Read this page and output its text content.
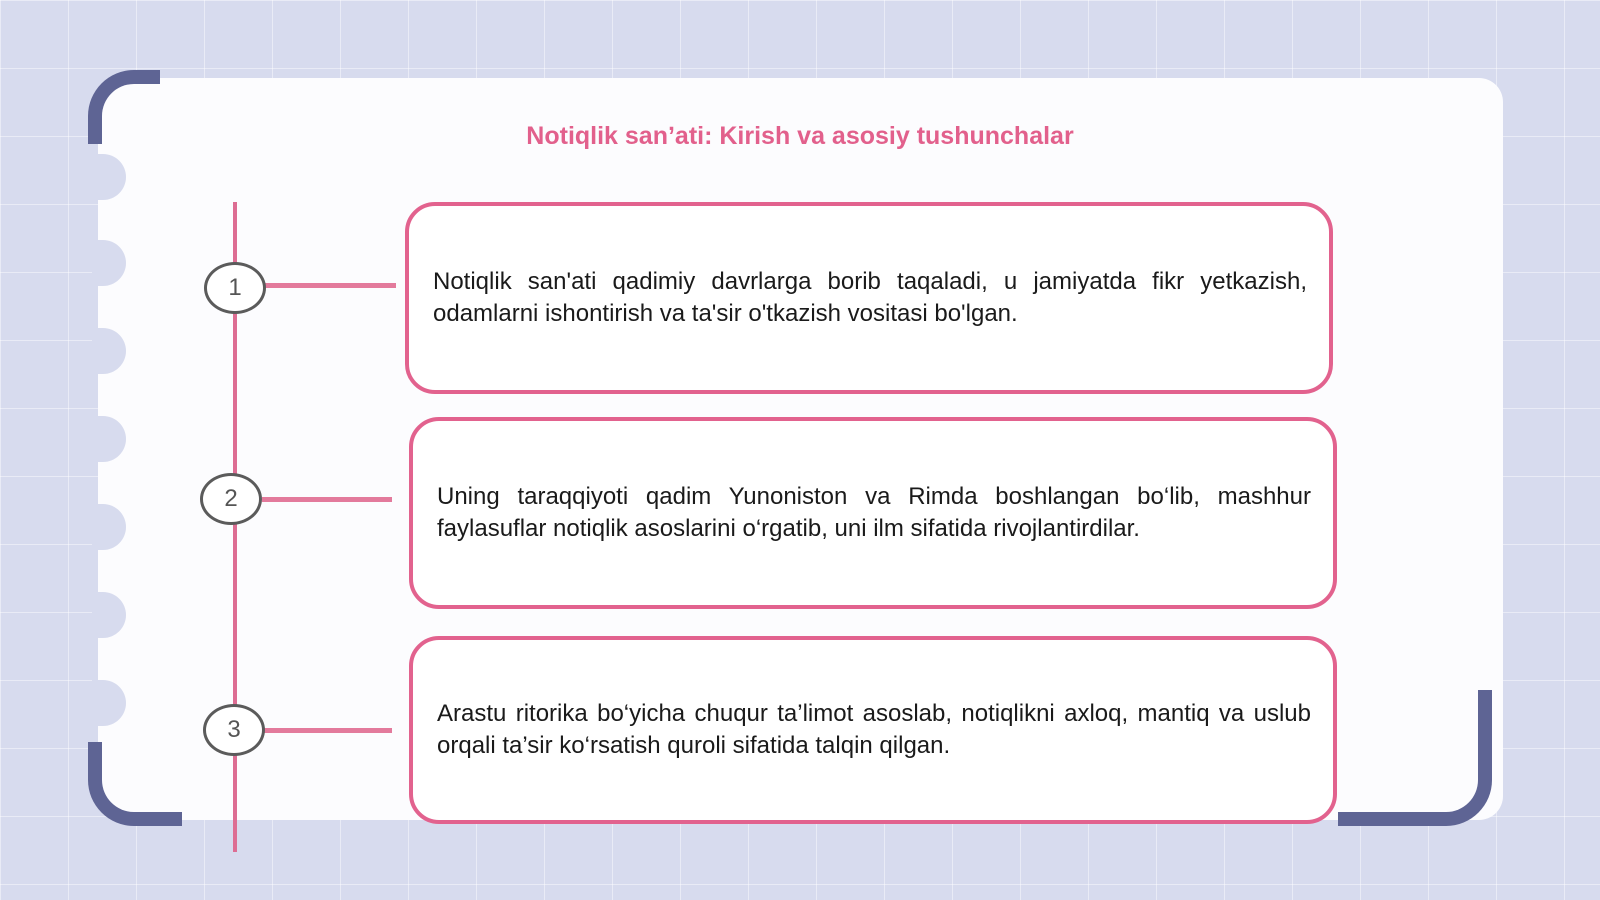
Notiqlik sanʼati: Kirish va asosiy tushunchalar
1
2
3
Notiqlik san'ati qadimiy davrlarga borib taqaladi, u jamiyatda fikr yetkazish, odamlarni ishontirish va ta'sir o'tkazish vositasi bo'lgan.
Uning taraqqiyoti qadim Yunoniston va Rimda boshlangan bo‘lib, mashhur faylasuflar notiqlik asoslarini o‘rgatib, uni ilm sifatida rivojlantirdilar.
Arastu ritorika bo‘yicha chuqur ta’limot asoslab, notiqlikni axloq, mantiq va uslub orqali ta’sir ko‘rsatish quroli sifatida talqin qilgan.
